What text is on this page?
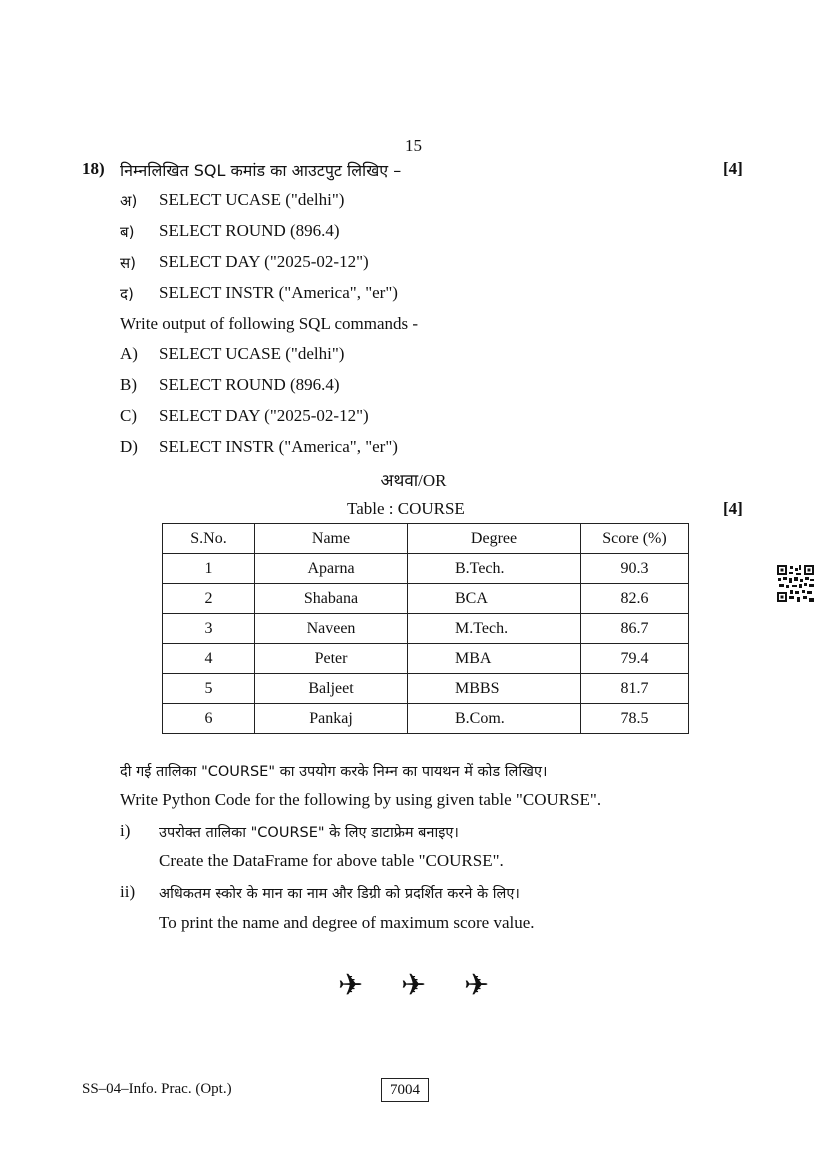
15
18) निम्नलिखित SQL कमांड का आउटपुट लिखिए –	[4]
अ) SELECT UCASE ("delhi")
ब) SELECT ROUND (896.4)
स) SELECT DAY ("2025-02-12")
द) SELECT INSTR ("America", "er")
Write output of following SQL commands -
A) SELECT UCASE ("delhi")
B) SELECT ROUND (896.4)
C) SELECT DAY ("2025-02-12")
D) SELECT INSTR ("America", "er")
अथवा/OR
Table : COURSE	[4]
S.No.	Name	Degree	Score (%)
1	Aparna	B.Tech.	90.3
2	Shabana	BCA	82.6
3	Naveen	M.Tech.	86.7
4	Peter	MBA	79.4
5	Baljeet	MBBS	81.7
6	Pankaj	B.Com.	78.5
दी गई तालिका "COURSE" का उपयोग करके निम्न का पायथन में कोड लिखिए।
Write Python Code for the following by using given table "COURSE".
i) उपरोक्त तालिका "COURSE" के लिए डाटाफ्रेम बनाइए।
Create the DataFrame for above table "COURSE".
ii) अधिकतम स्कोर के मान का नाम और डिग्री को प्रदर्शित करने के लिए।
To print the name and degree of maximum score value.
✈ ✈ ✈
SS–04–Info. Prac. (Opt.)	7004
